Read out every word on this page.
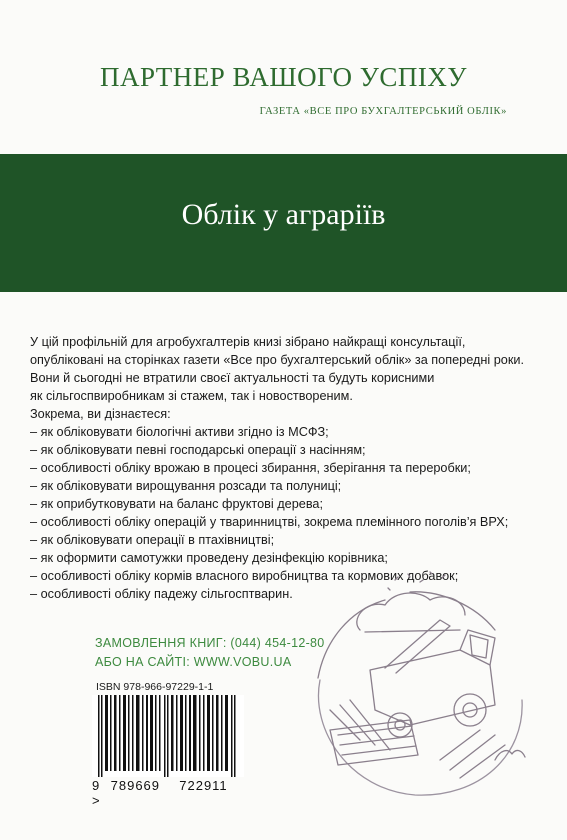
ПАРТНЕР ВАШОГО УСПІХУ
ГАЗЕТА «ВСЕ ПРО БУХГАЛТЕРСЬКИЙ ОБЛІК»
Облік у аграріїв

У цій профільній для агробухгалтерів книзі зібрано найкращі консультації,

опубліковані на сторінках газети «Все про бухгалтерський облік» за попередні роки.

Вони й сьогодні не втратили своєї актуальності та будуть корисними

як сільгоспвиробникам зі стажем, так і новоствореним.

Зокрема, ви дізнаєтеся:

– як обліковувати біологічні активи згідно із МСФЗ;
– як обліковувати певні господарські операції з насінням;
– особливості обліку врожаю в процесі збирання, зберігання та переробки;
– як обліковувати вирощування розсади та полуниці;
– як оприбутковувати на баланс фруктові дерева;
– особливості обліку операцій у тваринництві, зокрема племінного поголів’я ВРХ;
– як обліковувати операції в птахівництві;
– як оформити самотужки проведену дезінфекцію корівника;
– особливості обліку кормів власного виробництва та кормових добавок;
– особливості обліку падежу сільгосптварин.
ЗАМОВЛЕННЯ КНИГ: (044) 454-12-80
АБО НА САЙТІ: WWW.VOBU.UA
ISBN 978-966-97229-1-1
9 789669 722911 >
